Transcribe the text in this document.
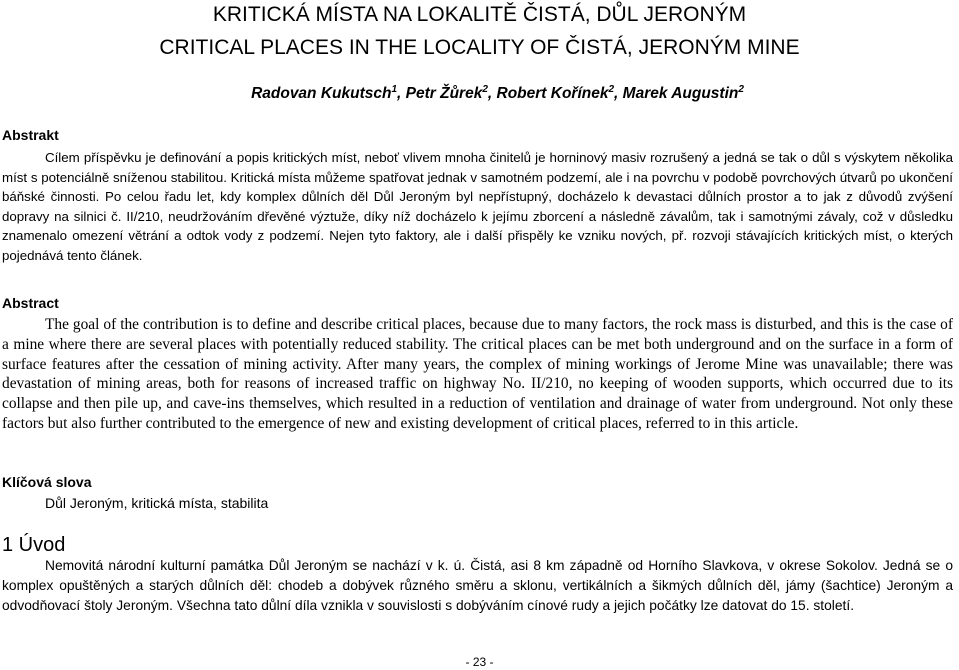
KRITICKÁ MÍSTA NA LOKALITĚ ČISTÁ, DŮL JERONÝM
CRITICAL PLACES IN THE LOCALITY OF ČISTÁ, JERONÝM MINE
Radovan Kukutsch$^1$, Petr Žůrek$^2$, Robert Kořínek$^2$, Marek Augustin$^2$
Abstrakt

Cílem příspěvku je definování a popis kritických míst, neboť vlivem mnoha činitelů je horninový masiv rozrušený a jedná se tak o důl s výskytem několika míst s potenciálně sníženou stabilitou. Kritická místa můžeme spatřovat jednak v samotném podzemí, ale i na povrchu v podobě povrchových útvarů po ukončení báňské činnosti. Po celou řadu let, kdy komplex důlních děl Důl Jeroným byl nepřístupný, docházelo k devastaci důlních prostor a to jak z důvodů zvýšení dopravy na silnici č. II/210, neudržováním dřevěné výztuže, díky níž docházelo k jejímu zborcení a následně závalům, tak i samotnými závaly, což v důsledku znamenalo omezení větrání a odtok vody z podzemí. Nejen tyto faktory, ale i další přispěly ke vzniku nových, př. rozvoji stávajících kritických míst, o kterých pojednává tento článek.

Abstract

The goal of the contribution is to define and describe critical places, because due to many factors, the rock mass is disturbed, and this is the case of a mine where there are several places with potentially reduced stability. The critical places can be met both underground and on the surface in a form of surface features after the cessation of mining activity. After many years, the complex of mining workings of Jerome Mine was unavailable; there was devastation of mining areas, both for reasons of increased traffic on highway No. II/210, no keeping of wooden supports, which occurred due to its collapse and then pile up, and cave-ins themselves, which resulted in a reduction of ventilation and drainage of water from underground. Not only these factors but also further contributed to the emergence of new and existing development of critical places, referred to in this article.

Klíčová slova

Důl Jeroným, kritická místa, stabilita

1 Úvod

Nemovitá národní kulturní památka Důl Jeroným se nachází v k. ú. Čistá, asi 8 km západně od Horního Slavkova, v okrese Sokolov. Jedná se o komplex opuštěných a starých důlních děl: chodeb a dobývek různého směru a sklonu, vertikálních a šikmých důlních děl, jámy (šachtice) Jeroným a odvodňovací štoly Jeroným. Všechna tato důlní díla vznikla v souvislosti s dobýváním cínové rudy a jejich počátky lze datovat do 15. století.

- 23 -
